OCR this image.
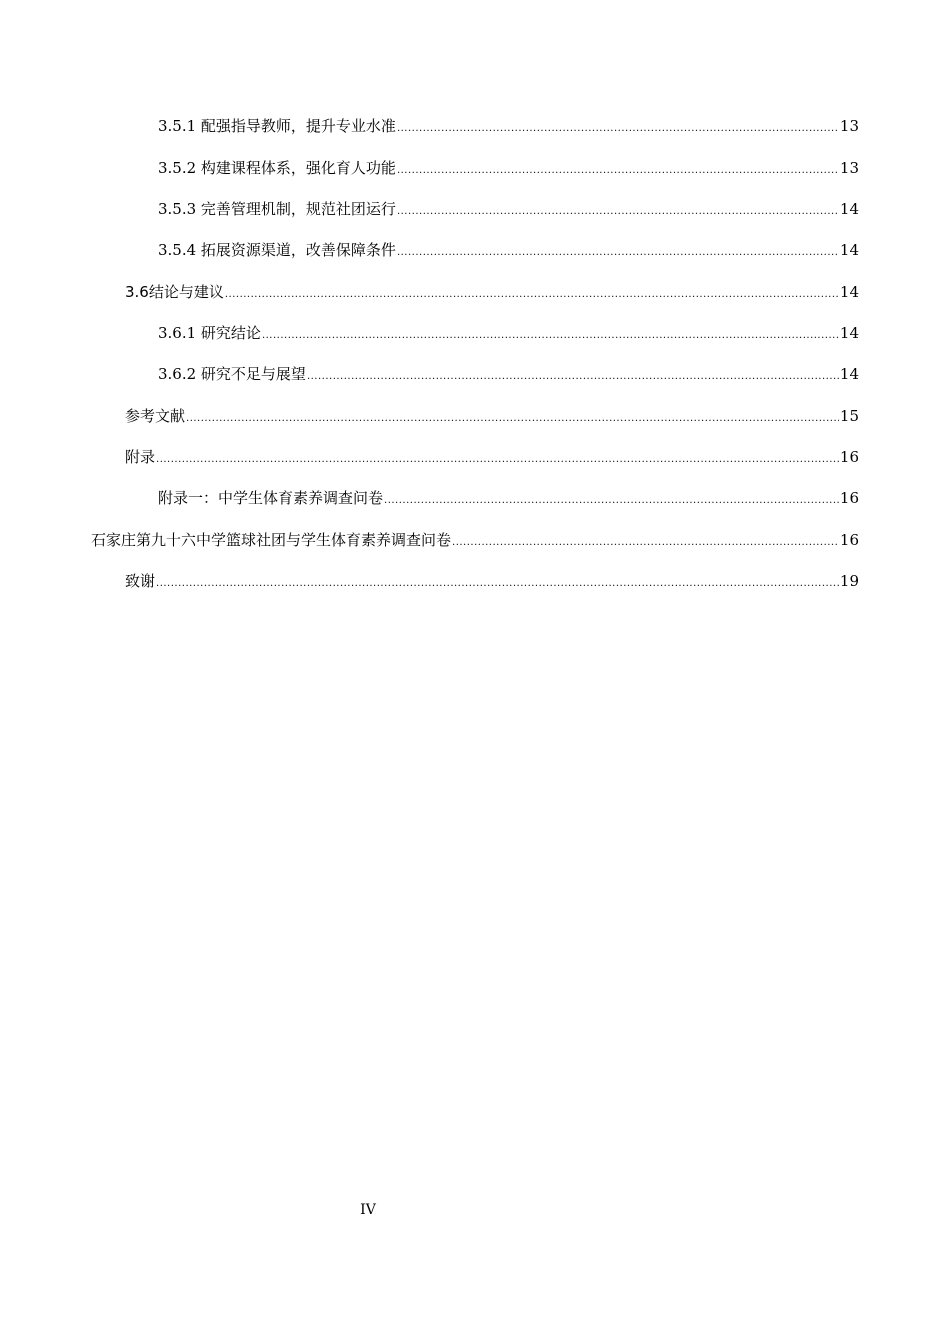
3.5.1 配强指导教师，提升专业水准 .....	13
3.5.2 构建课程体系，强化育人功能 .....	13
3.5.3 完善管理机制，规范社团运行 .....	14
3.5.4 拓展资源渠道，改善保障条件 .....	14
3.6结论与建议 .....	14
3.6.1 研究结论 .....	14
3.6.2 研究不足与展望 .....	14
参考文献 .....	15
附录 .....	16
附录一：中学生体育素养调查问卷 .....	16
石家庄第九十六中学篮球社团与学生体育素养调查问卷 .....	16
致谢 .....	19
IV
